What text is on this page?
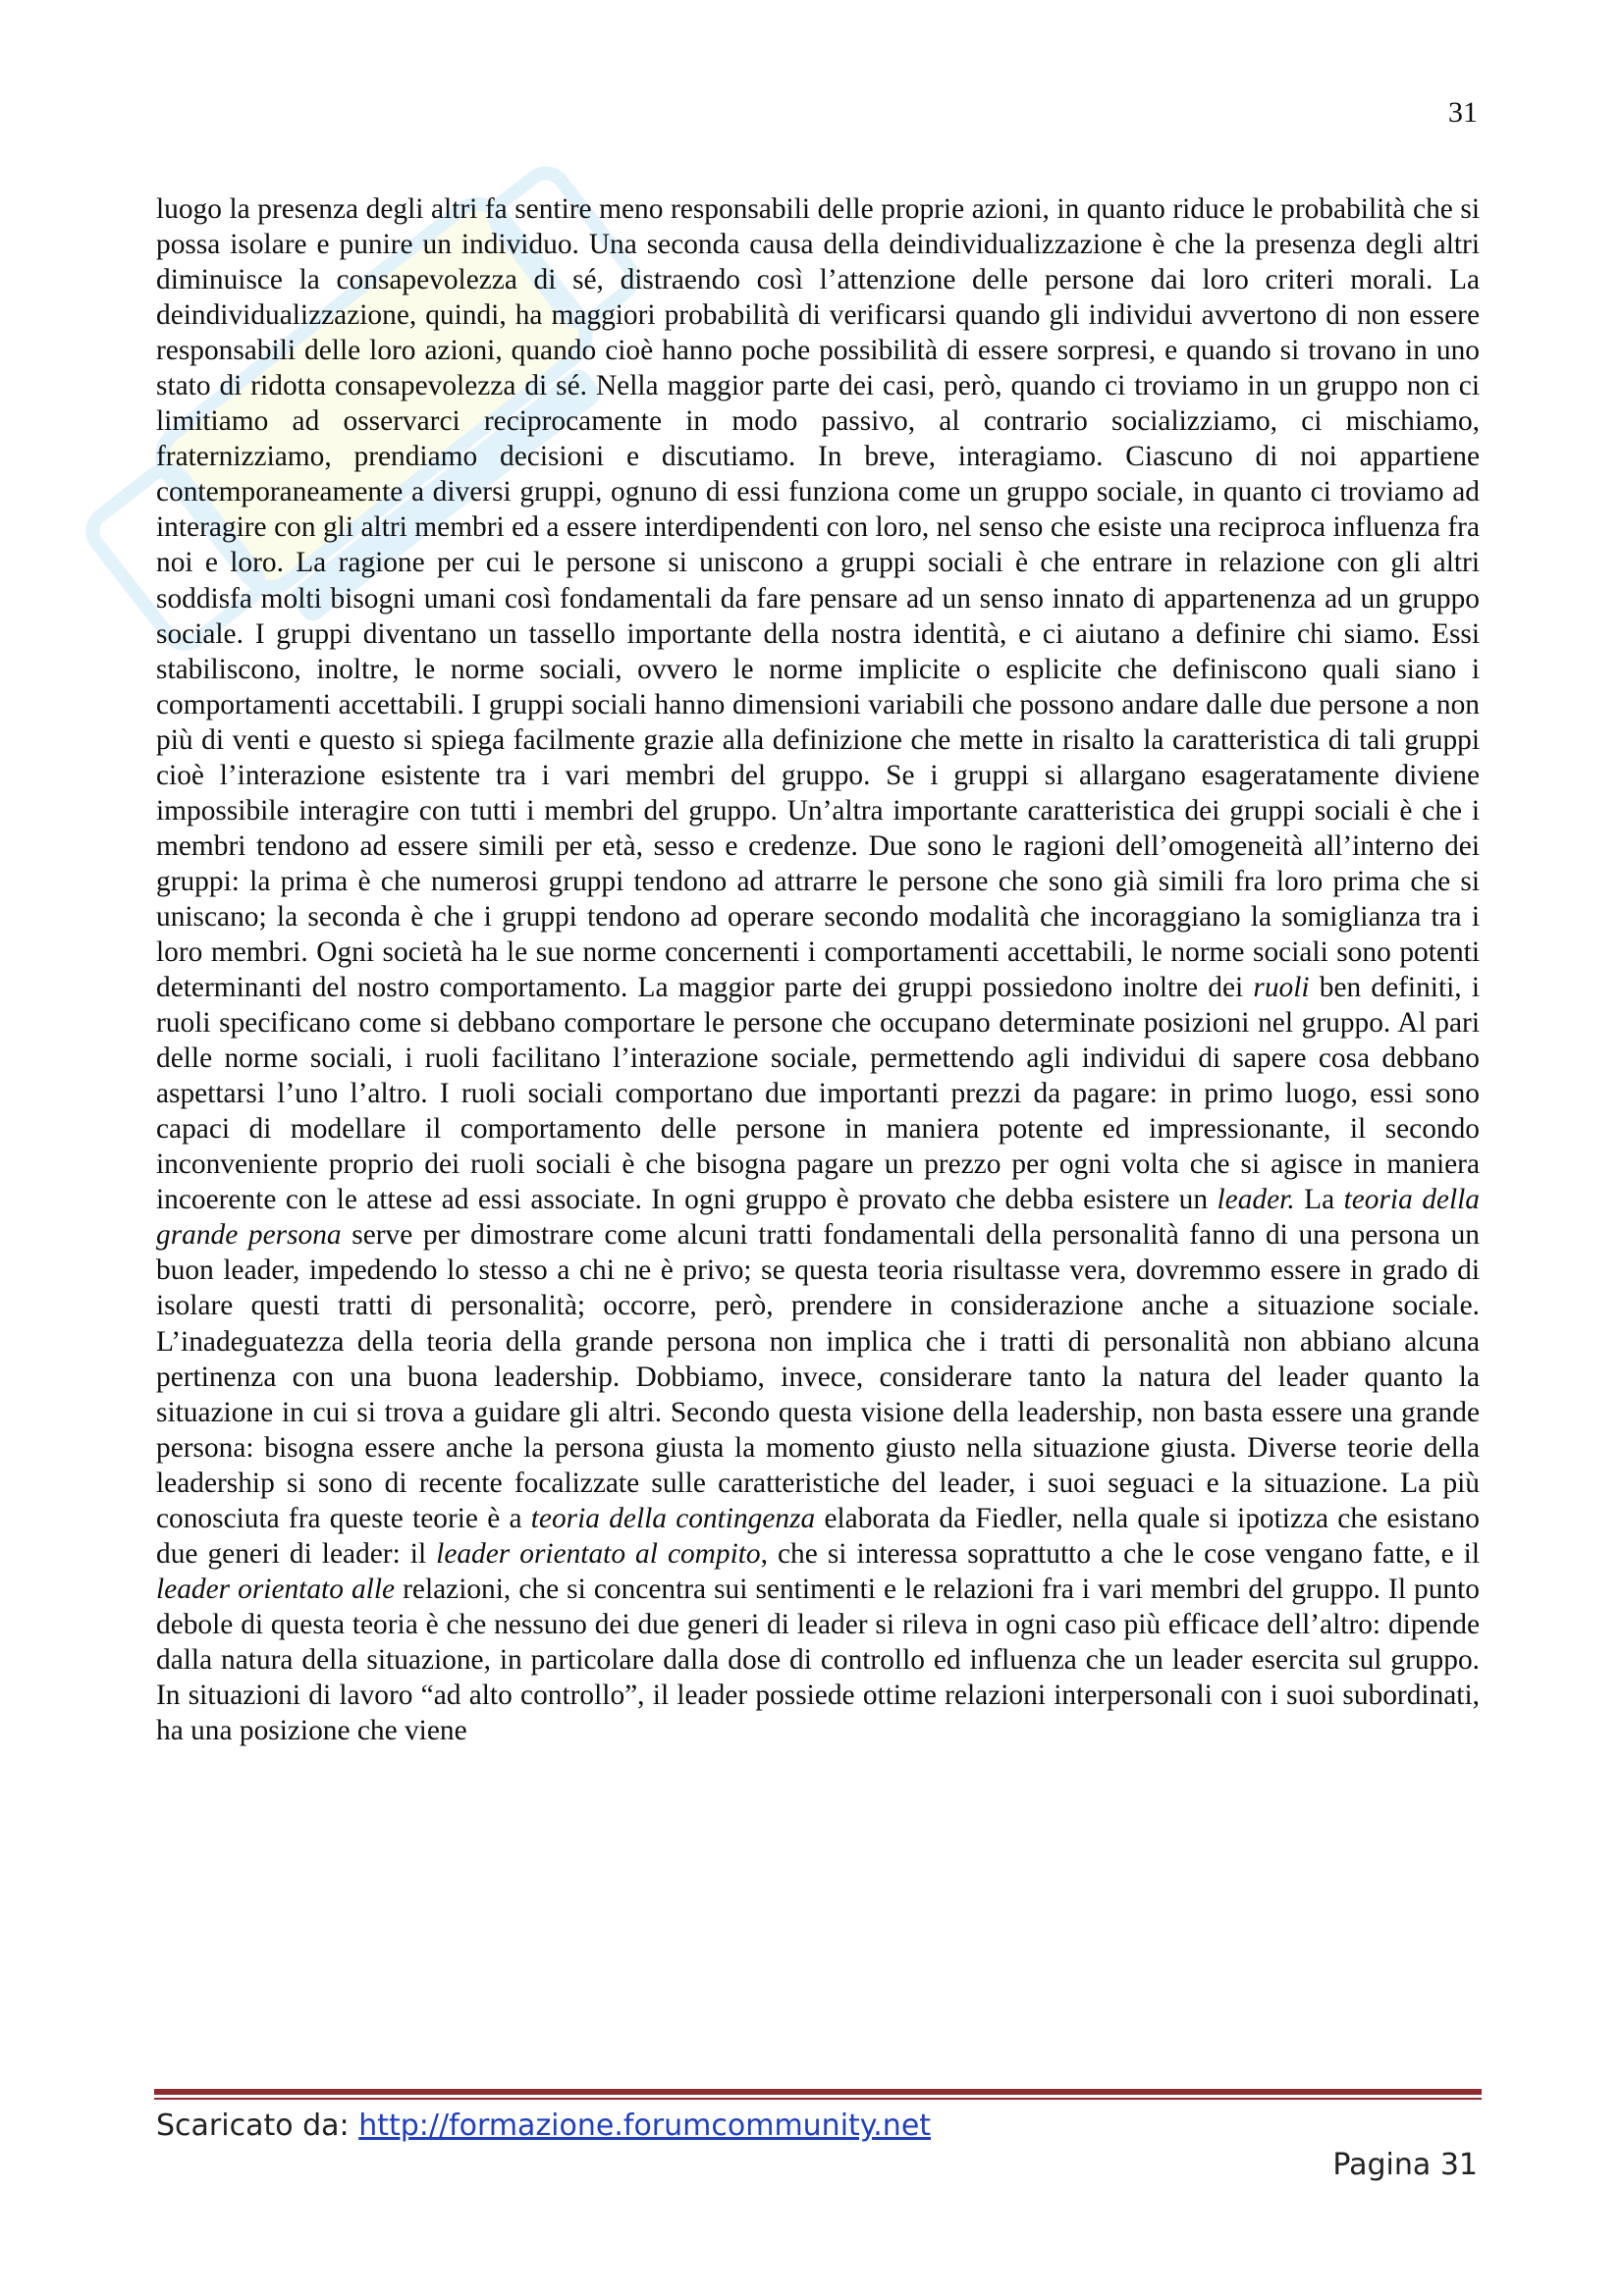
31

luogo la presenza degli altri fa sentire meno responsabili delle proprie azioni, in quanto riduce le probabilità che si possa isolare e punire un individuo. Una seconda causa della deindividualizzazione è che la presenza degli altri diminuisce la consapevolezza di sé, distraendo così l’attenzione delle persone dai loro criteri morali. La deindividualizzazione, quindi, ha maggiori probabilità di verificarsi quando gli individui avvertono di non essere responsabili delle loro azioni, quando cioè hanno poche possibilità di essere sorpresi, e quando si trovano in uno stato di ridotta consapevolezza di sé. Nella maggior parte dei casi, però, quando ci troviamo in un gruppo non ci limitiamo ad osservarci reciprocamente in modo passivo, al contrario socializziamo, ci mischiamo, fraternizziamo, prendiamo decisioni e discutiamo. In breve, interagiamo. Ciascuno di noi appartiene contemporaneamente a diversi gruppi, ognuno di essi funziona come un gruppo sociale, in quanto ci troviamo ad interagire con gli altri membri ed a essere interdipendenti con loro, nel senso che esiste una reciproca influenza fra noi e loro. La ragione per cui le persone si uniscono a gruppi sociali è che entrare in relazione con gli altri soddisfa molti bisogni umani così fondamentali da fare pensare ad un senso innato di appartenenza ad un gruppo sociale. I gruppi diventano un tassello importante della nostra identità, e ci aiutano a definire chi siamo. Essi stabiliscono, inoltre, le norme sociali, ovvero le norme implicite o esplicite che definiscono quali siano i comportamenti accettabili. I gruppi sociali hanno dimensioni variabili che possono andare dalle due persone a non più di venti e questo si spiega facilmente grazie alla definizione che mette in risalto la caratteristica di tali gruppi cioè l’interazione esistente tra i vari membri del gruppo. Se i gruppi si allargano esageratamente diviene impossibile interagire con tutti i membri del gruppo. Un’altra importante caratteristica dei gruppi sociali è che i membri tendono ad essere simili per età, sesso e credenze. Due sono le ragioni dell’omogeneità all’interno dei gruppi: la prima è che numerosi gruppi tendono ad attrarre le persone che sono già simili fra loro prima che si uniscano; la seconda è che i gruppi tendono ad operare secondo modalità che incoraggiano la somiglianza tra i loro membri. Ogni società ha le sue norme concernenti i comportamenti accettabili, le norme sociali sono potenti determinanti del nostro comportamento. La maggior parte dei gruppi possiedono inoltre dei ruoli ben definiti, i ruoli specificano come si debbano comportare le persone che occupano determinate posizioni nel gruppo. Al pari delle norme sociali, i ruoli facilitano l’interazione sociale, permettendo agli individui di sapere cosa debbano aspettarsi l’uno l’altro. I ruoli sociali comportano due importanti prezzi da pagare: in primo luogo, essi sono capaci di modellare il comportamento delle persone in maniera potente ed impressionante, il secondo inconveniente proprio dei ruoli sociali è che bisogna pagare un prezzo per ogni volta che si agisce in maniera incoerente con le attese ad essi associate. In ogni gruppo è provato che debba esistere un leader. La teoria della grande persona serve per dimostrare come alcuni tratti fondamentali della personalità fanno di una persona un buon leader, impedendo lo stesso a chi ne è privo; se questa teoria risultasse vera, dovremmo essere in grado di isolare questi tratti di personalità; occorre, però, prendere in considerazione anche a situazione sociale. L’inadeguatezza della teoria della grande persona non implica che i tratti di personalità non abbiano alcuna pertinenza con una buona leadership. Dobbiamo, invece, considerare tanto la natura del leader quanto la situazione in cui si trova a guidare gli altri. Secondo questa visione della leadership, non basta essere una grande persona: bisogna essere anche la persona giusta la momento giusto nella situazione giusta. Diverse teorie della leadership si sono di recente focalizzate sulle caratteristiche del leader, i suoi seguaci e la situazione. La più conosciuta fra queste teorie è a teoria della contingenza elaborata da Fiedler, nella quale si ipotizza che esistano due generi di leader: il leader orientato al compito, che si interessa soprattutto a che le cose vengano fatte, e il leader orientato alle relazioni, che si concentra sui sentimenti e le relazioni fra i vari membri del gruppo. Il punto debole di questa teoria è che nessuno dei due generi di leader si rileva in ogni caso più efficace dell’altro: dipende dalla natura della situazione, in particolare dalla dose di controllo ed influenza che un leader esercita sul gruppo. In situazioni di lavoro “ad alto controllo”, il leader possiede ottime relazioni interpersonali con i suoi subordinati, ha una posizione che viene

Scaricato da: http://formazione.forumcommunity.net
Pagina 31
